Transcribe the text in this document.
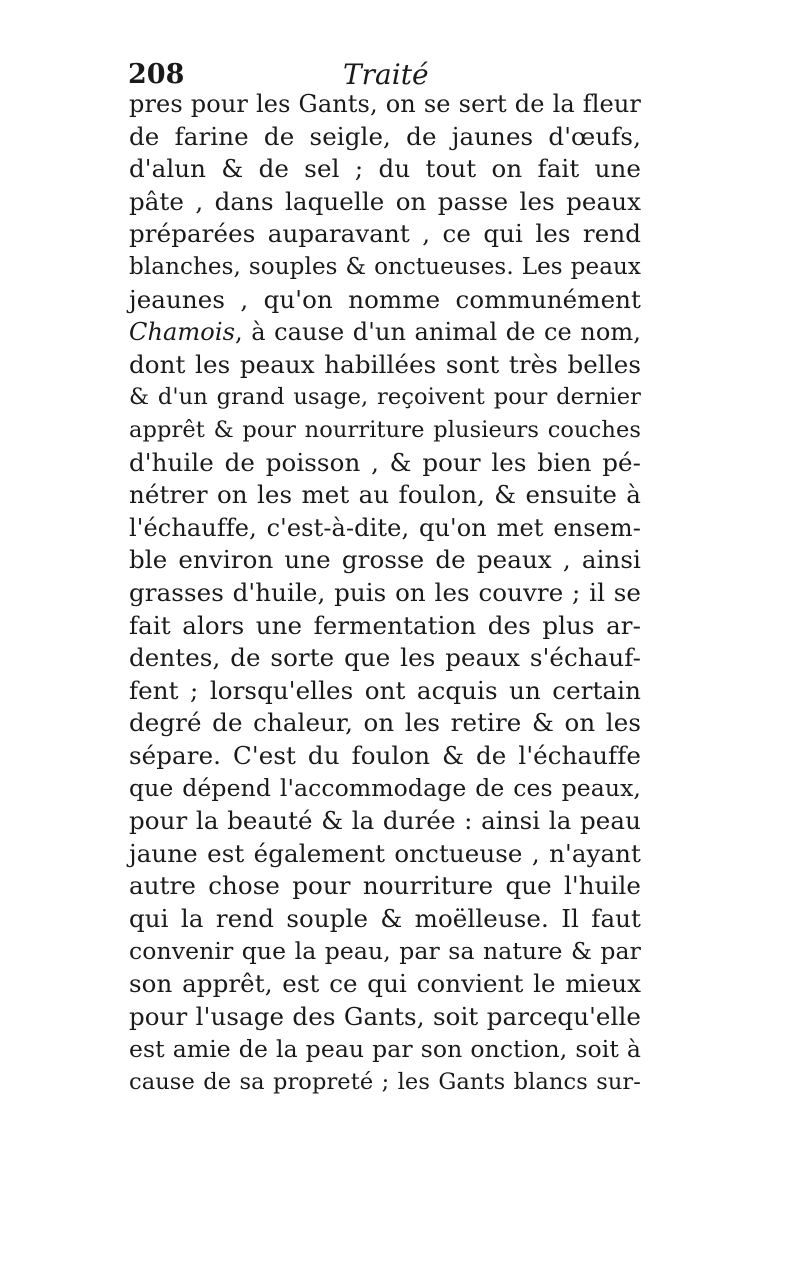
208	Traité
pres pour les Gants, on se sert de la fleur
de farine de seigle, de jaunes d'œufs,
d'alun & de sel ; du tout on fait une
pâte , dans laquelle on passe les peaux
préparées auparavant , ce qui les rend
blanches, souples & onctueuses. Les peaux
jeaunes , qu'on nomme communément
Chamois, à cause d'un animal de ce nom,
dont les peaux habillées sont très belles
& d'un grand usage, reçoivent pour dernier
apprêt & pour nourriture plusieurs couches
d'huile de poisson , & pour les bien pé-
nétrer on les met au foulon, & ensuite à
l'échauffe, c'est-à-dite, qu'on met ensem-
ble environ une grosse de peaux , ainsi
grasses d'huile, puis on les couvre ; il se
fait alors une fermentation des plus ar-
dentes, de sorte que les peaux s'échauf-
fent ; lorsqu'elles ont acquis un certain
degré de chaleur, on les retire & on les
sépare. C'est du foulon & de l'échauffe
que dépend l'accommodage de ces peaux,
pour la beauté & la durée : ainsi la peau
jaune est également onctueuse , n'ayant
autre chose pour nourriture que l'huile
qui la rend souple & moëlleuse. Il faut
convenir que la peau, par sa nature & par
son apprêt, est ce qui convient le mieux
pour l'usage des Gants, soit parcequ'elle
est amie de la peau par son onction, soit à
cause de sa propreté ; les Gants blancs sur-
